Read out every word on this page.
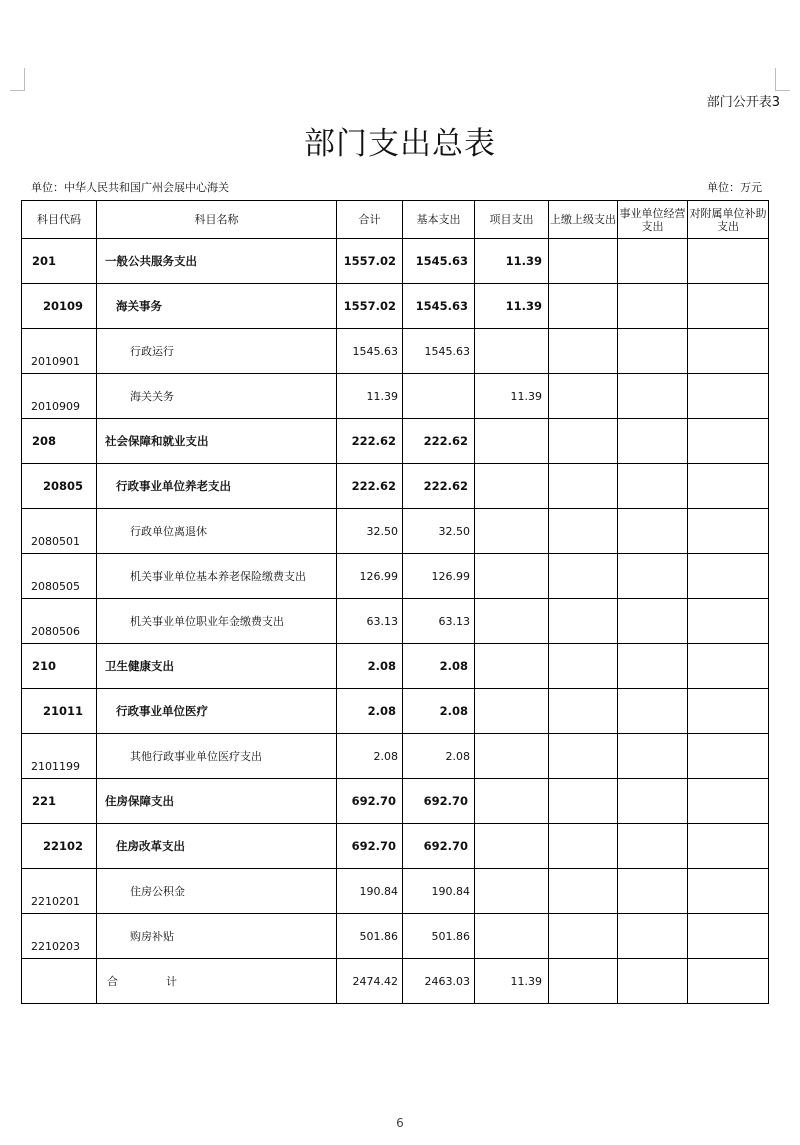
部门公开表3
部门支出总表
单位：中华人民共和国广州会展中心海关	单位：万元
科目代码	科目名称	合计	基本支出	项目支出	上缴上级支出	事业单位经营支出	对附属单位补助支出
201	一般公共服务支出	1557.02	1545.63	11.39			
20109	海关事务	1557.02	1545.63	11.39			
2010901	行政运行	1545.63	1545.63				
2010909	海关关务	11.39		11.39			
208	社会保障和就业支出	222.62	222.62				
20805	行政事业单位养老支出	222.62	222.62				
2080501	行政单位离退休	32.50	32.50				
2080505	机关事业单位基本养老保险缴费支出	126.99	126.99				
2080506	机关事业单位职业年金缴费支出	63.13	63.13				
210	卫生健康支出	2.08	2.08				
21011	行政事业单位医疗	2.08	2.08				
2101199	其他行政事业单位医疗支出	2.08	2.08				
221	住房保障支出	692.70	692.70				
22102	住房改革支出	692.70	692.70				
2210201	住房公积金	190.84	190.84				
2210203	购房补贴	501.86	501.86				
	合 计	2474.42	2463.03	11.39			
6
